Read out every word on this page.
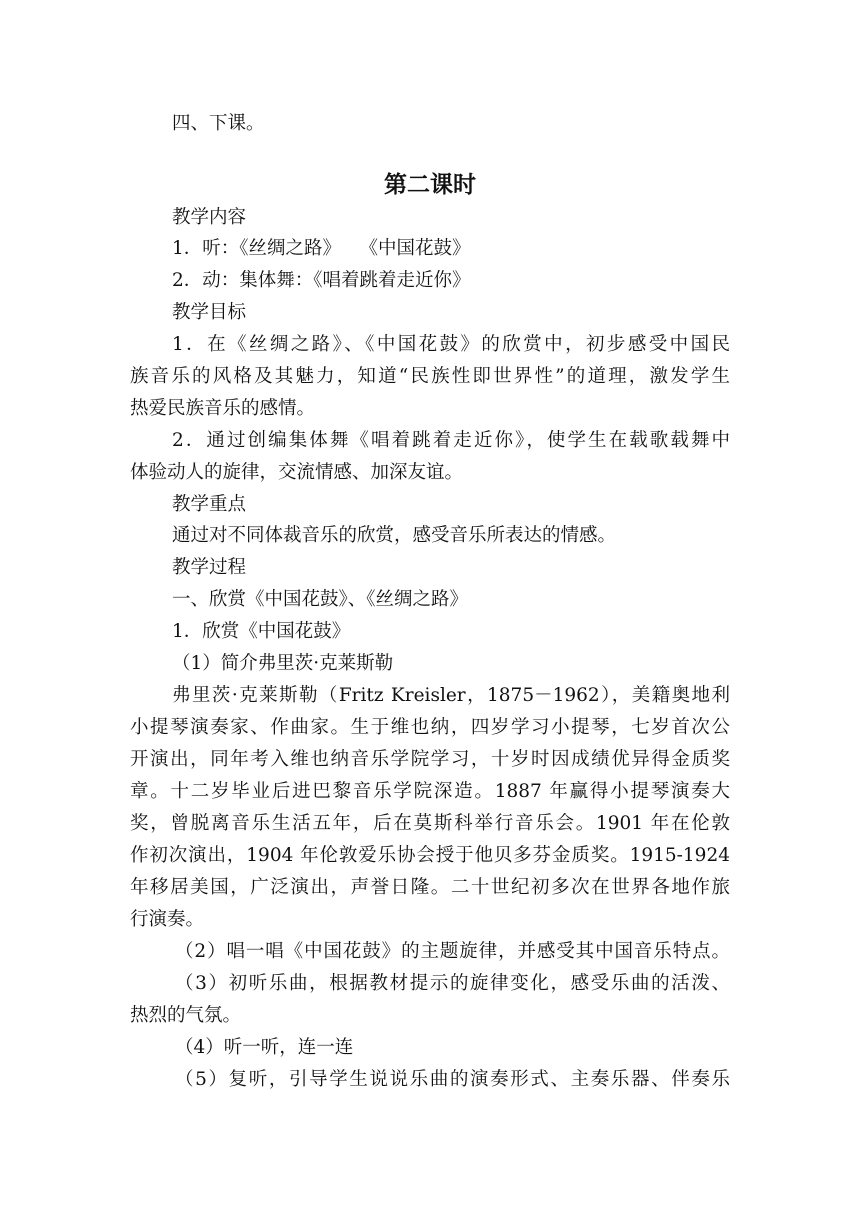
四、下课。
第二课时
教学内容
1．听：《丝绸之路》　　《中国花鼓》
2．动：集体舞：《唱着跳着走近你》
教学目标
1．在《丝绸之路》、《中国花鼓》的欣赏中，初步感受中国民
族音乐的风格及其魅力，知道“民族性即世界性”的道理，激发学生
热爱民族音乐的感情。
2．通过创编集体舞《唱着跳着走近你》，使学生在载歌载舞中
体验动人的旋律，交流情感、加深友谊。
教学重点
通过对不同体裁音乐的欣赏，感受音乐所表达的情感。
教学过程
一、欣赏《中国花鼓》、《丝绸之路》
1．欣赏《中国花鼓》
（1）简介弗里茨·克莱斯勒
弗里茨·克莱斯勒（Fritz Kreisler，1875－1962），美籍奥地利
小提琴演奏家、作曲家。生于维也纳，四岁学习小提琴，七岁首次公
开演出，同年考入维也纳音乐学院学习，十岁时因成绩优异得金质奖
章。十二岁毕业后进巴黎音乐学院深造。1887 年赢得小提琴演奏大
奖，曾脱离音乐生活五年，后在莫斯科举行音乐会。1901 年在伦敦
作初次演出，1904 年伦敦爱乐协会授于他贝多芬金质奖。1915-1924
年移居美国，广泛演出，声誉日隆。二十世纪初多次在世界各地作旅
行演奏。
（2）唱一唱《中国花鼓》的主题旋律，并感受其中国音乐特点。
（3）初听乐曲，根据教材提示的旋律变化，感受乐曲的活泼、
热烈的气氛。
（4）听一听，连一连
（5）复听，引导学生说说乐曲的演奏形式、主奏乐器、伴奏乐
